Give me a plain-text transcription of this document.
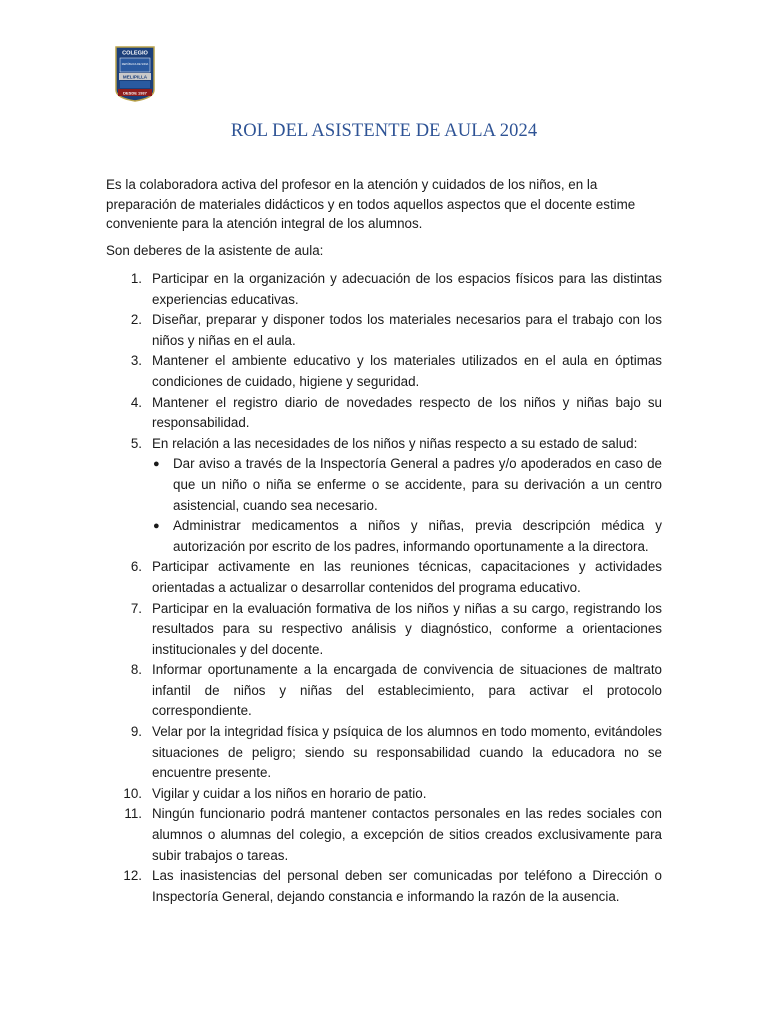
COLEGIO
REPÚBLICA DE SIRIA
MELIPILLA
DESDE 1937
ROL DEL ASISTENTE DE AULA 2024

Es la colaboradora activa del profesor en la atención y cuidados de los niños, en la preparación de materiales didácticos y en todos aquellos aspectos que el docente estime conveniente para la atención integral de los alumnos.

Son deberes de la asistente de aula:

1. Participar en la organización y adecuación de los espacios físicos para las distintas experiencias educativas.
2. Diseñar, preparar y disponer todos los materiales necesarios para el trabajo con los niños y niñas en el aula.
3. Mantener el ambiente educativo y los materiales utilizados en el aula en óptimas condiciones de cuidado, higiene y seguridad.
4. Mantener el registro diario de novedades respecto de los niños y niñas bajo su responsabilidad.
5. En relación a las necesidades de los niños y niñas respecto a su estado de salud:
● Dar aviso a través de la Inspectoría General a padres y/o apoderados en caso de que un niño o niña se enferme o se accidente, para su derivación a un centro asistencial, cuando sea necesario.
● Administrar medicamentos a niños y niñas, previa descripción médica y autorización por escrito de los padres, informando oportunamente a la directora.
6. Participar activamente en las reuniones técnicas, capacitaciones y actividades orientadas a actualizar o desarrollar contenidos del programa educativo.
7. Participar en la evaluación formativa de los niños y niñas a su cargo, registrando los resultados para su respectivo análisis y diagnóstico, conforme a orientaciones institucionales y del docente.
8. Informar oportunamente a la encargada de convivencia de situaciones de maltrato infantil de niños y niñas del establecimiento, para activar el protocolo correspondiente.
9. Velar por la integridad física y psíquica de los alumnos en todo momento, evitándoles situaciones de peligro; siendo su responsabilidad cuando la educadora no se encuentre presente.
10. Vigilar y cuidar a los niños en horario de patio.
11. Ningún funcionario podrá mantener contactos personales en las redes sociales con alumnos o alumnas del colegio, a excepción de sitios creados exclusivamente para subir trabajos o tareas.
12. Las inasistencias del personal deben ser comunicadas por teléfono a Dirección o Inspectoría General, dejando constancia e informando la razón de la ausencia.
